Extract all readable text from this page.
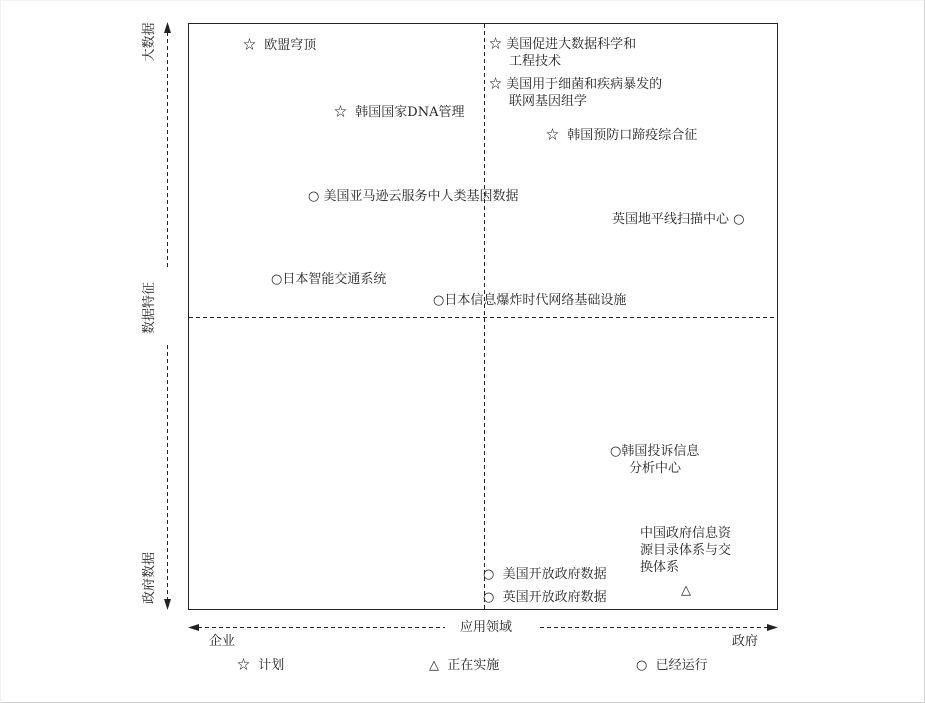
大数据
数据特征
政府数据
应用领域
企业	政府
☆ 欧盟穹顶
☆ 韩国国家DNA管理
○ 美国亚马逊云服务中人类基因数据
○日本智能交通系统
○日本信息爆炸时代网络基础设施
☆ 美国促进大数据科学和
工程技术
☆ 美国用于细菌和疾病暴发的
联网基因组学
☆ 韩国预防口蹄疫综合征
英国地平线扫描中心 ○
○韩国投诉信息
分析中心
中国政府信息资
源目录体系与交
换体系
△
○ 美国开放政府数据
○ 英国开放政府数据
☆ 计划	△ 正在实施	○ 已经运行
